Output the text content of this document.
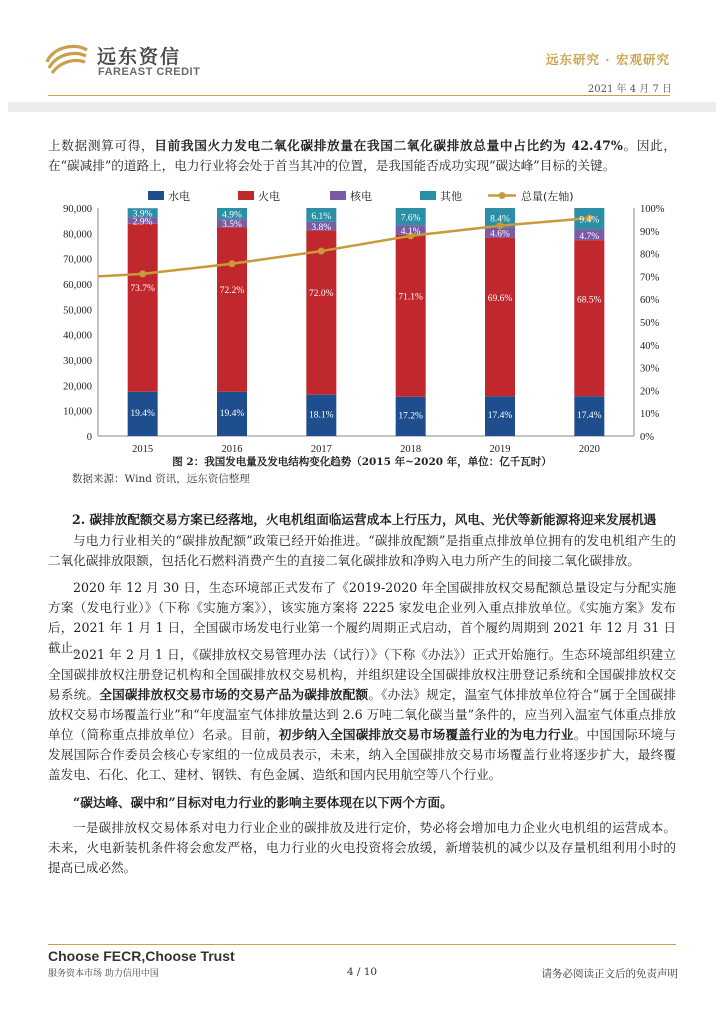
远东资信
FAREAST CREDIT
远东研究 · 宏观研究
2021 年 4 月 7 日
上数据测算可得，目前我国火力发电二氧化碳排放量在我国二氧化碳排放总量中占比约为 42.47%。因此，在“碳减排”的道路上，电力行业将会处于首当其冲的位置，是我国能否成功实现“碳达峰”目标的关键。
0
10,000
20,000
30,000
40,000
50,000
60,000
70,000
80,000
90,000
0%
10%
20%
30%
40%
50%
60%
70%
80%
90%
100%
2015	2016	2017	2018	2019	2020
19.4%
73.7%
2.9%
3.9%
19.4%
72.2%
3.5%
4.9%
18.1%
72.0%
3.8%
6.1%
17.2%
71.1%
4.1%
7.6%
17.4%
69.6%
4.6%
8.4%
17.4%
68.5%
4.7%
9.4%
水电	火电	核电	其他	总量(左轴)
图 2：我国发电量及发电结构变化趋势（2015 年~2020 年，单位：亿千瓦时）
数据来源：Wind 资讯，远东资信整理
2. 碳排放配额交易方案已经落地，火电机组面临运营成本上行压力，风电、光伏等新能源将迎来发展机遇
与电力行业相关的“碳排放配额”政策已经开始推进。“碳排放配额”是指重点排放单位拥有的发电机组产生的二氧化碳排放限额，包括化石燃料消费产生的直接二氧化碳排放和净购入电力所产生的间接二氧化碳排放。
2020 年 12 月 30 日，生态环境部正式发布了《2019-2020 年全国碳排放权交易配额总量设定与分配实施方案（发电行业）》（下称《实施方案》），该实施方案将 2225 家发电企业列入重点排放单位。《实施方案》发布后，2021 年 1 月 1 日，全国碳市场发电行业第一个履约周期正式启动，首个履约周期到 2021 年 12 月 31 日截止。
2021 年 2 月 1 日，《碳排放权交易管理办法（试行）》（下称《办法》）正式开始施行。生态环境部组织建立全国碳排放权注册登记机构和全国碳排放权交易机构，并组织建设全国碳排放权注册登记系统和全国碳排放权交易系统。全国碳排放权交易市场的交易产品为碳排放配额。《办法》规定，温室气体排放单位符合“属于全国碳排放权交易市场覆盖行业”和“年度温室气体排放量达到 2.6 万吨二氧化碳当量”条件的，应当列入温室气体重点排放单位（简称重点排放单位）名录。目前，初步纳入全国碳排放交易市场覆盖行业的为电力行业。中国国际环境与发展国际合作委员会核心专家组的一位成员表示，未来，纳入全国碳排放交易市场覆盖行业将逐步扩大，最终覆盖发电、石化、化工、建材、钢铁、有色金属、造纸和国内民用航空等八个行业。
“碳达峰、碳中和”目标对电力行业的影响主要体现在以下两个方面。
一是碳排放权交易体系对电力行业企业的碳排放及进行定价，势必将会增加电力企业火电机组的运营成本。未来，火电新装机条件将会愈发严格，电力行业的火电投资将会放缓，新增装机的减少以及存量机组利用小时的提高已成必然。
Choose FECR,Choose Trust
服务资本市场 助力信用中国	4 / 10	请务必阅读正文后的免责声明
